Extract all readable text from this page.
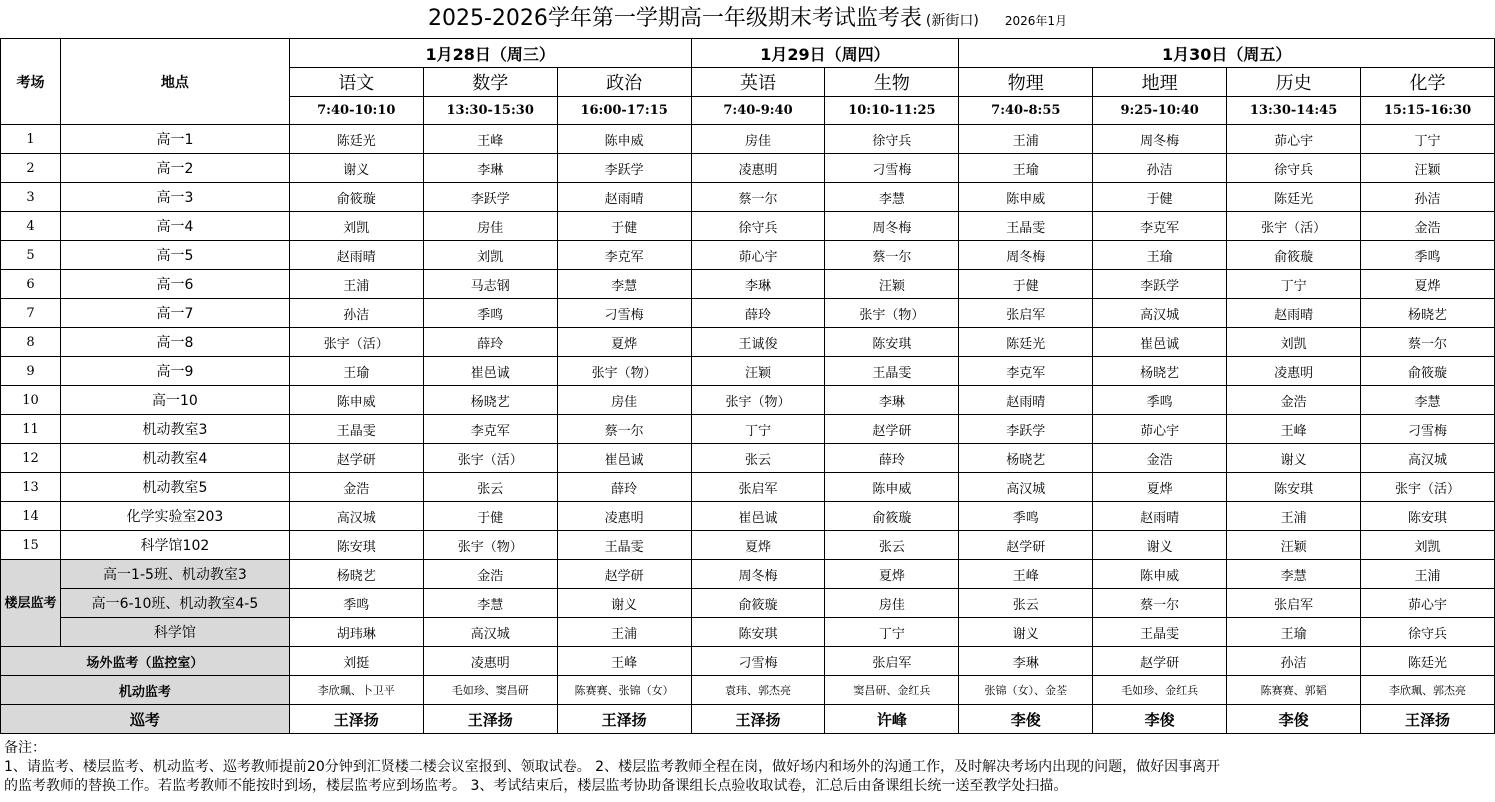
2025-2026学年第一学期高一年级期末考试监考表 (新街口) 2026年1月
考场	地点	1月28日（周三）			1月29日（周四）		1月30日（周五）			
		语文	数学	政治	英语	生物	物理	地理	历史	化学
		7:40-10:10	13:30-15:30	16:00-17:15	7:40-9:40	10:10-11:25	7:40-8:55	9:25-10:40	13:30-14:45	15:15-16:30
1	高一1	陈廷光	王峰	陈申威	房佳	徐守兵	王浦	周冬梅	茆心宇	丁宁
2	高一2	谢义	李琳	李跃学	凌惠明	刁雪梅	王瑜	孙洁	徐守兵	汪颖
3	高一3	俞筱璇	李跃学	赵雨晴	蔡一尔	李慧	陈申威	于健	陈廷光	孙洁
4	高一4	刘凯	房佳	于健	徐守兵	周冬梅	王晶雯	李克军	张宇（活）	金浩
5	高一5	赵雨晴	刘凯	李克军	茆心宇	蔡一尔	周冬梅	王瑜	俞筱璇	季鸣
6	高一6	王浦	马志钢	李慧	李琳	汪颖	于健	李跃学	丁宁	夏烨
7	高一7	孙洁	季鸣	刁雪梅	薛玲	张宇（物）	张启军	高汉城	赵雨晴	杨晓艺
8	高一8	张宇（活）	薛玲	夏烨	王诚俊	陈安琪	陈廷光	崔邑诚	刘凯	蔡一尔
9	高一9	王瑜	崔邑诚	张宇（物）	汪颖	王晶雯	李克军	杨晓艺	凌惠明	俞筱璇
10	高一10	陈申威	杨晓艺	房佳	张宇（物）	李琳	赵雨晴	季鸣	金浩	李慧
11	机动教室3	王晶雯	李克军	蔡一尔	丁宁	赵学研	李跃学	茆心宇	王峰	刁雪梅
12	机动教室4	赵学研	张宇（活）	崔邑诚	张云	薛玲	杨晓艺	金浩	谢义	高汉城
13	机动教室5	金浩	张云	薛玲	张启军	陈申威	高汉城	夏烨	陈安琪	张宇（活）
14	化学实验室203	高汉城	于健	凌惠明	崔邑诚	俞筱璇	季鸣	赵雨晴	王浦	陈安琪
15	科学馆102	陈安琪	张宇（物）	王晶雯	夏烨	张云	赵学研	谢义	汪颖	刘凯
楼层监考	高一1-5班、机动教室3	杨晓艺	金浩	赵学研	周冬梅	夏烨	王峰	陈申威	李慧	王浦
	高一6-10班、机动教室4-5	季鸣	李慧	谢义	俞筱璇	房佳	张云	蔡一尔	张启军	茆心宇
	科学馆	胡玮琳	高汉城	王浦	陈安琪	丁宁	谢义	王晶雯	王瑜	徐守兵
场外监考（监控室）		刘挺	凌惠明	王峰	刁雪梅	张启军	李琳	赵学研	孙洁	陈廷光
机动监考		李欣珮、卜卫平	毛如珍、窦昌研	陈赛赛、张锦（女）	袁玮、郭杰亮	窦昌研、金红兵	张锦（女）、金荃	毛如珍、金红兵	陈赛赛、郭韬	李欣珮、郭杰亮
巡考		王泽扬	王泽扬	王泽扬	王泽扬	许峰	李俊	李俊	李俊	王泽扬
备注：
1、请监考、楼层监考、机动监考、巡考教师提前20分钟到汇贤楼二楼会议室报到、领取试卷。 2、楼层监考教师全程在岗，做好场内和场外的沟通工作，及时解决考场内出现的问题，做好因事离开
的监考教师的替换工作。若监考教师不能按时到场，楼层监考应到场监考。 3、考试结束后，楼层监考协助备课组长点验收取试卷，汇总后由备课组长统一送至教学处扫描。
